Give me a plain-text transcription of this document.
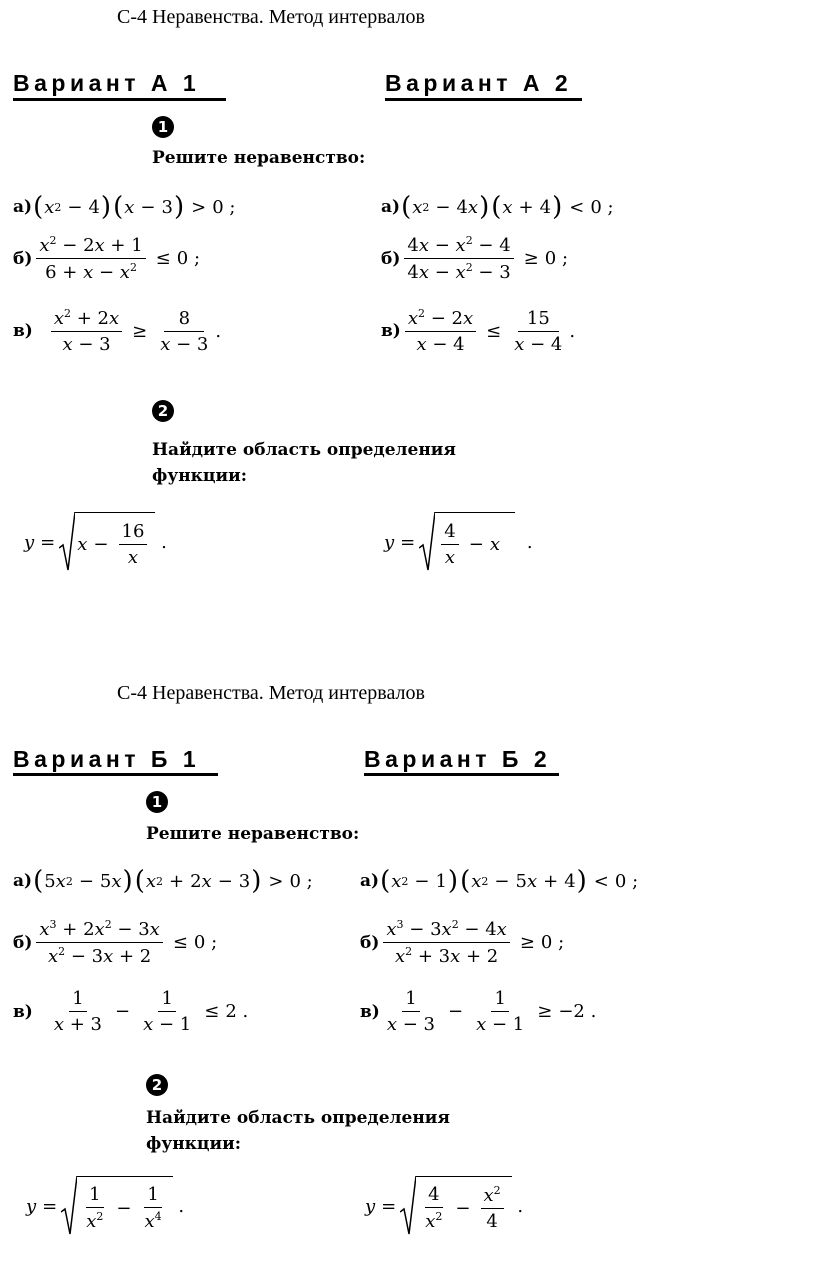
С-4 Неравенства. Метод интервалов
Вариант А 1	Вариант А 2
1
Решите неравенство:
а) ( x 2 − 4 ) ( x − 3 ) > 0 ;	а) ( x 2 − 4 x ) ( x + 4 ) < 0 ;
$б) \frac{x^2 - 2x + 1}{6 + x - x^2} \le 0$ ;	$б) \frac{4x - x^2 - 4}{4x - x^2 - 3} \ge 0$ ;
$в) \frac{x^2 + 2x}{x - 3} \ge \frac{8}{x - 3}$ .	$в) \frac{x^2 - 2x}{x - 4} \le \frac{15}{x - 4}$ .
2
Найдите область определения
функции:
$y = x - \frac{16}{x}$ .	$y = \frac{4}{x} - x$
.
С-4 Неравенства. Метод интервалов
Вариант Б 1	Вариант Б 2
1
Решите неравенство:
а) ( 5 x 2 − 5 x ) ( x 2 + 2 x − 3 ) > 0 ;	а) ( x 2 − 1 ) ( x 2 − 5 x + 4 ) < 0 ;
$б) \frac{x^3 + 2x^2 - 3x}{x^2 - 3x + 2} \le 0$ ;	$б) \frac{x^3 - 3x^2 - 4x}{x^2 + 3x + 2} \ge 0$ ;
$в) \frac{1}{x + 3} - \frac{1}{x - 1} \le 2$ .	$в) \frac{1}{x - 3} - \frac{1}{x - 1} \ge -2$ .
2
Найдите область определения
функции:
$y = \frac{1}{x^2} - \frac{1}{x^4}$ .	$y = \frac{4}{x^2} - \frac{x^2}{4}$ .
